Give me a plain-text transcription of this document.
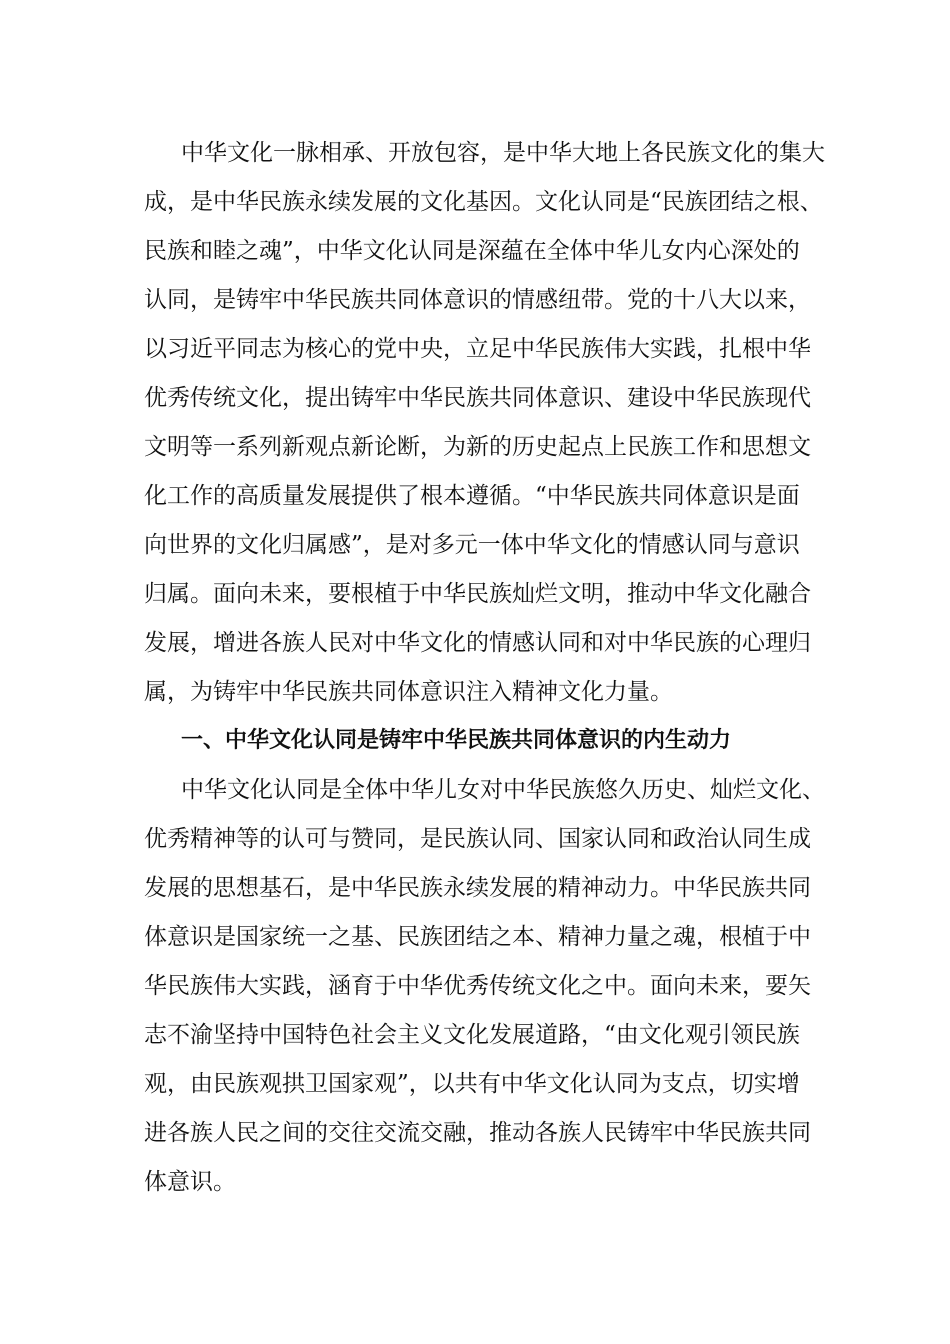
中华文化一脉相承、开放包容，是中华大地上各民族文化的集大

成，是中华民族永续发展的文化基因。文化认同是“民族团结之根、

民族和睦之魂”，中华文化认同是深蕴在全体中华儿女内心深处的

认同，是铸牢中华民族共同体意识的情感纽带。党的十八大以来，

以习近平同志为核心的党中央，立足中华民族伟大实践，扎根中华

优秀传统文化，提出铸牢中华民族共同体意识、建设中华民族现代

文明等一系列新观点新论断，为新的历史起点上民族工作和思想文

化工作的高质量发展提供了根本遵循。“中华民族共同体意识是面

向世界的文化归属感”，是对多元一体中华文化的情感认同与意识

归属。面向未来，要根植于中华民族灿烂文明，推动中华文化融合

发展，增进各族人民对中华文化的情感认同和对中华民族的心理归

属，为铸牢中华民族共同体意识注入精神文化力量。

一、中华文化认同是铸牢中华民族共同体意识的内生动力

中华文化认同是全体中华儿女对中华民族悠久历史、灿烂文化、

优秀精神等的认可与赞同，是民族认同、国家认同和政治认同生成

发展的思想基石，是中华民族永续发展的精神动力。中华民族共同

体意识是国家统一之基、民族团结之本、精神力量之魂，根植于中

华民族伟大实践，涵育于中华优秀传统文化之中。面向未来，要矢

志不渝坚持中国特色社会主义文化发展道路，“由文化观引领民族

观，由民族观拱卫国家观”，以共有中华文化认同为支点，切实增

进各族人民之间的交往交流交融，推动各族人民铸牢中华民族共同

体意识。
